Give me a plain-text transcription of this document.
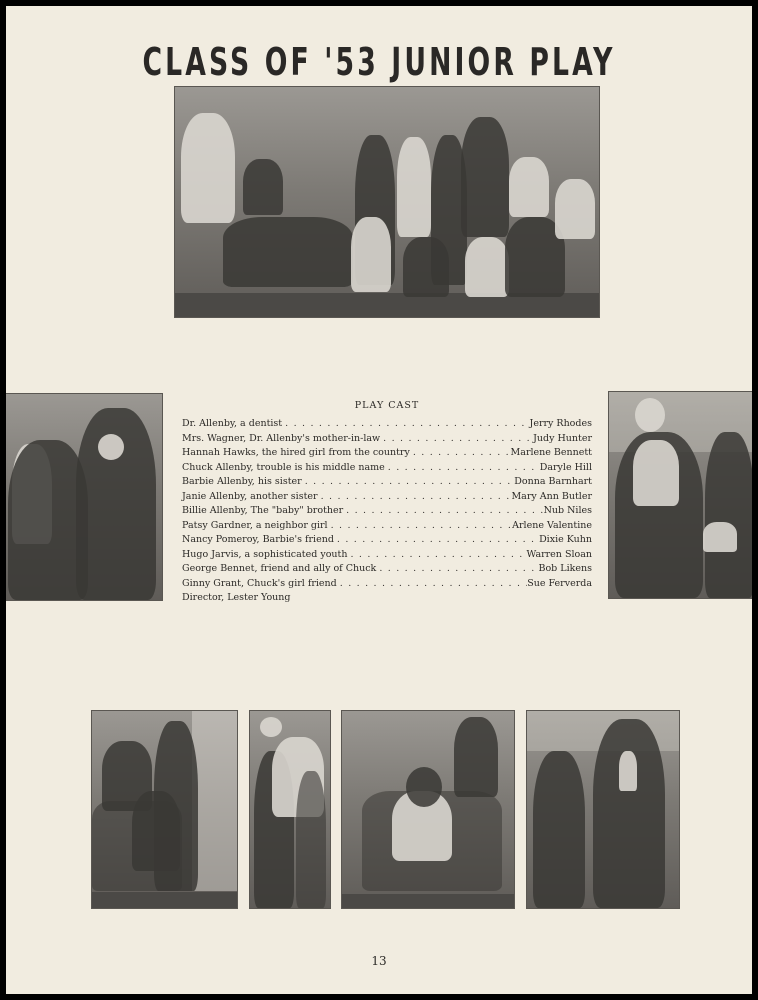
CLASS OF '53 JUNIOR PLAY
PLAY CAST
Dr. Allenby, a dentist . . .	Jerry Rhodes
Mrs. Wagner, Dr. Allenby's mother-in-law . . .	Judy Hunter
Hannah Hawks, the hired girl from the country . . .	Marlene Bennett
Chuck Allenby, trouble is his middle name . . .	Daryle Hill
Barbie Allenby, his sister . . .	Donna Barnhart
Janie Allenby, another sister . . .	Mary Ann Butler
Billie Allenby, The "baby" brother . . .	Nub Niles
Patsy Gardner, a neighbor girl . . .	Arlene Valentine
Nancy Pomeroy, Barbie's friend . . .	Dixie Kuhn
Hugo Jarvis, a sophisticated youth . . .	Warren Sloan
George Bennet, friend and ally of Chuck . . .	Bob Likens
Ginny Grant, Chuck's girl friend . . .	Sue Ferverda
Director, Lester Young
13
